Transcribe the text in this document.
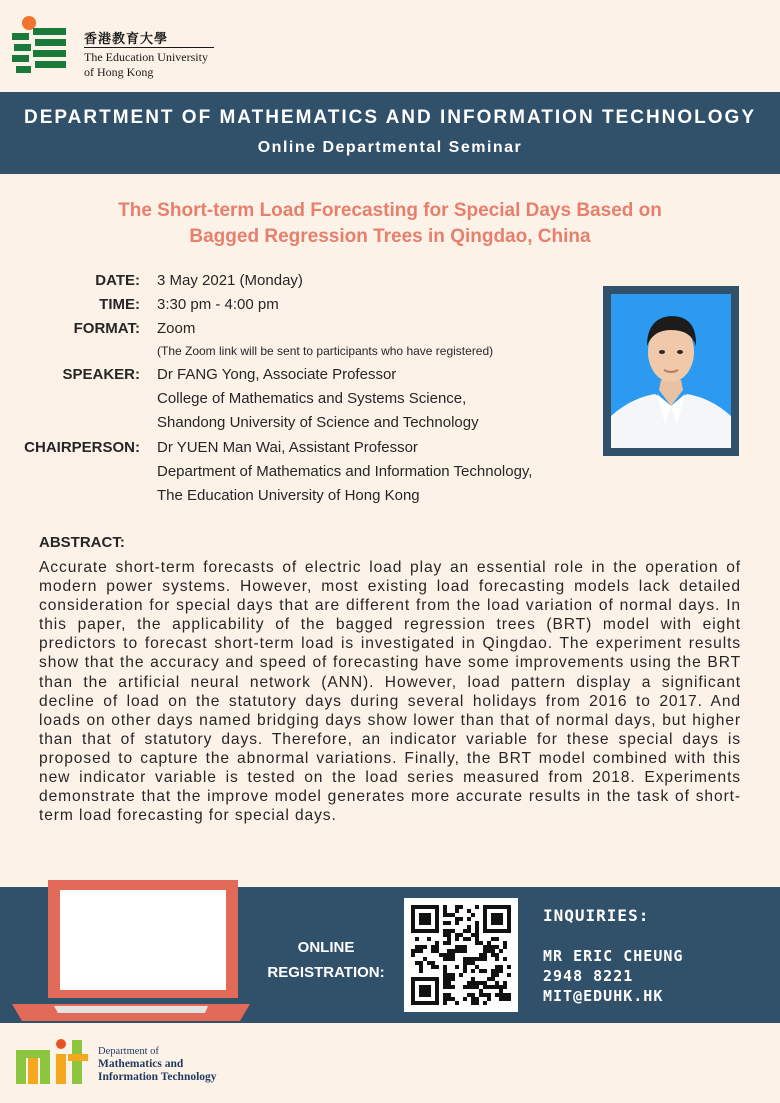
香港教育大學
The Education University
of Hong Kong
DEPARTMENT OF MATHEMATICS AND INFORMATION TECHNOLOGY
Online Departmental Seminar
The Short-term Load Forecasting for Special Days Based on
Bagged Regression Trees in Qingdao, China
DATE: 3 May 2021 (Monday)
TIME: 3:30 pm - 4:00 pm
FORMAT: Zoom
(The Zoom link will be sent to participants who have registered)
SPEAKER: Dr FANG Yong, Associate Professor
College of Mathematics and Systems Science,
Shandong University of Science and Technology
CHAIRPERSON: Dr YUEN Man Wai, Assistant Professor
Department of Mathematics and Information Technology,
The Education University of Hong Kong
ABSTRACT:
Accurate short-term forecasts of electric load play an essential role in the operation of modern power systems. However, most existing load forecasting models lack detailed consideration for special days that are different from the load variation of normal days. In this paper, the applicability of the bagged regression trees (BRT) model with eight predictors to forecast short-term load is investigated in Qingdao. The experiment results show that the accuracy and speed of forecasting have some improvements using the BRT than the artificial neural network (ANN). However, load pattern display a significant decline of load on the statutory days during several holidays from 2016 to 2017. And loads on other days named bridging days show lower than that of normal days, but higher than that of statutory days. Therefore, an indicator variable for these special days is proposed to capture the abnormal variations. Finally, the BRT model combined with this new indicator variable is tested on the load series measured from 2018. Experiments demonstrate that the improve model generates more accurate results in the task of short-term load forecasting for special days.
ONLINE
REGISTRATION:
INQUIRIES:
MR ERIC CHEUNG
2948 8221
MIT@EDUHK.HK
Department of
Mathematics and
Information Technology
